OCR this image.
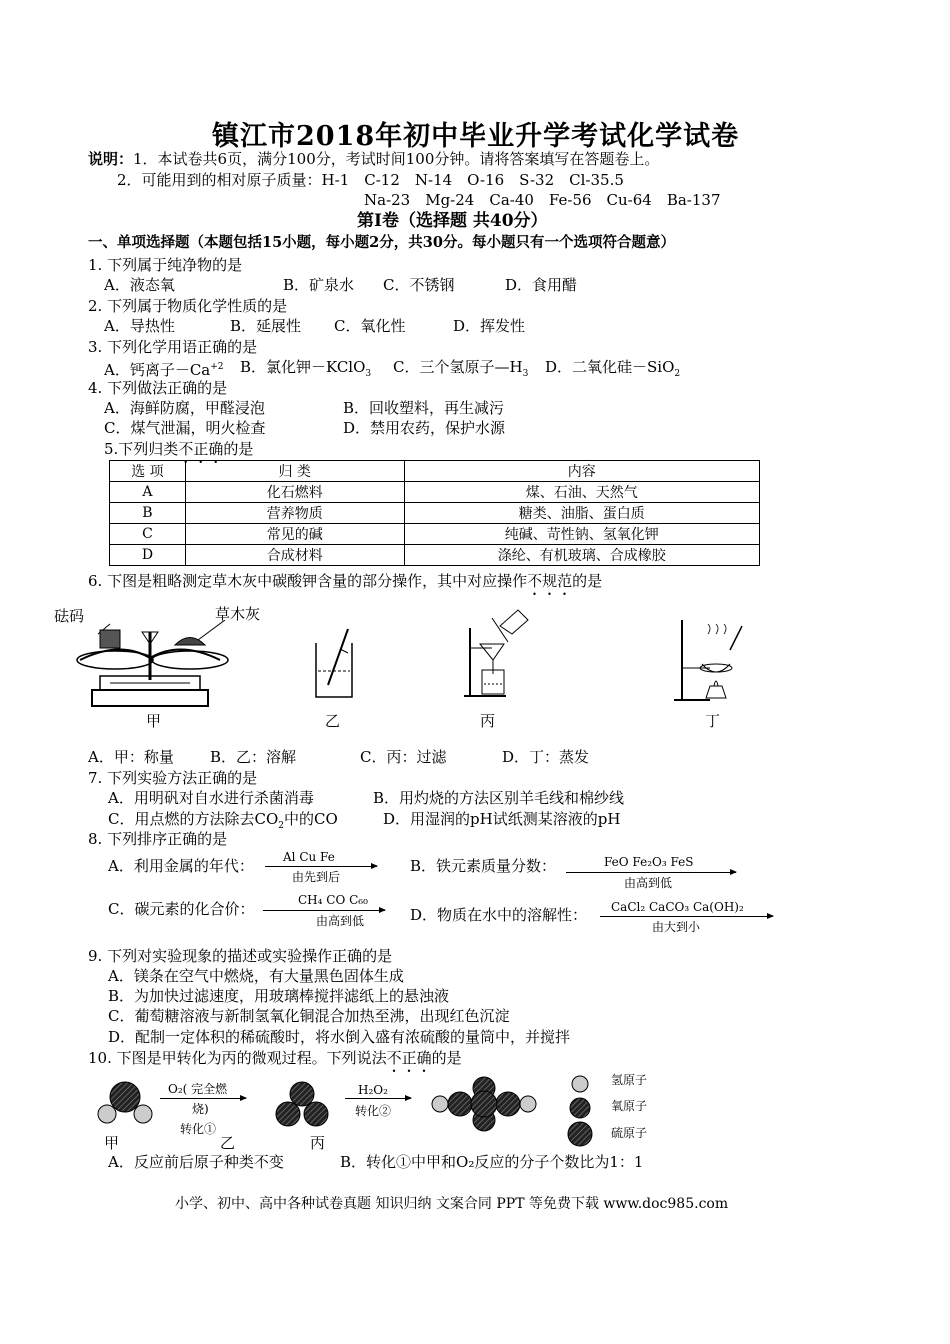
镇江市2018年初中毕业升学考试化学试卷
说明：1．本试卷共6页，满分100分，考试时间100分钟。请将答案填写在答题卷上。
2．可能用到的相对原子质量：H-1　C-12　N-14　O-16　S-32　Cl-35.5
Na-23　Mg-24　Ca-40　Fe-56　Cu-64　Ba-137
第Ⅰ卷（选择题 共40分）
一、单项选择题（本题包括15小题，每小题2分，共30分。每小题只有一个选项符合题意）
1. 下列属于纯净物的是
A．液态氧	B．矿泉水 C．不锈钢	D．食用醋
2. 下列属于物质化学性质的是
A．导热性	B．延展性 C．氧化性	D．挥发性
3. 下列化学用语正确的是
A．钙离子$-Ca^{+2}$ B．氯化钾－KClO$_3$ C．三个氢原子$—H_3$ D．二氧化硅－SiO$_2$
4. 下列做法正确的是
A．海鲜防腐，甲醛浸泡	B．回收塑料，再生减污
C．煤气泄漏，明火检查	D．禁用农药，保护水源
5.下列归类不正确的是
选 项	归 类	内容
A	化石燃料	煤、石油、天然气
B	营养物质	糖类、油脂、蛋白质
C	常见的碱	纯碱、苛性钠、氢氧化钾
D	合成材料	涤纶、有机玻璃、合成橡胶
6. 下图是粗略测定草木灰中碳酸钾含量的部分操作，其中对应操作不规范的是
砝码	草木灰
甲	乙	丙	丁
A．甲：称量 B．乙：溶解	C．丙：过滤	D．丁：蒸发
7. 下列实验方法正确的是
A．用明矾对自水进行杀菌消毒	B．用灼烧的方法区别羊毛线和棉纱线
C．用点燃的方法除去$CO_2$中的CO	D．用湿润的pH试纸测某溶液的pH
8. 下列排序正确的是
A．利用金属的年代： Al Cu Fe
由先到后
B．铁元素质量分数：	FeO Fe₂O₃ FeS
由高到低
C．碳元素的化合价：	CH₄ CO C₆₀
由高到低	D．物质在水中的溶解性： CaCl₂ CaCO₃ Ca(OH)₂
由大到小
9. 下列对实验现象的描述或实验操作正确的是
A．镁条在空气中燃烧，有大量黑色固体生成
B．为加快过滤速度，用玻璃棒搅拌滤纸上的悬浊液
C．葡萄糖溶液与新制氢氧化铜混合加热至沸，出现红色沉淀
D．配制一定体积的稀硫酸时，将水倒入盛有浓硫酸的量筒中，并搅拌
10. 下图是甲转化为丙的微观过程。下列说法不正确的是
甲
O₂( 完全燃
烧)
转化①
乙
H₂O₂
转化②
丙
氢原子
氧原子
硫原子
A．反应前后原子种类不变	B．转化①中甲和O₂反应的分子个数比为1：1
小学、初中、高中各种试卷真题 知识归纳 文案合同 PPT 等免费下载 www.doc985.com
